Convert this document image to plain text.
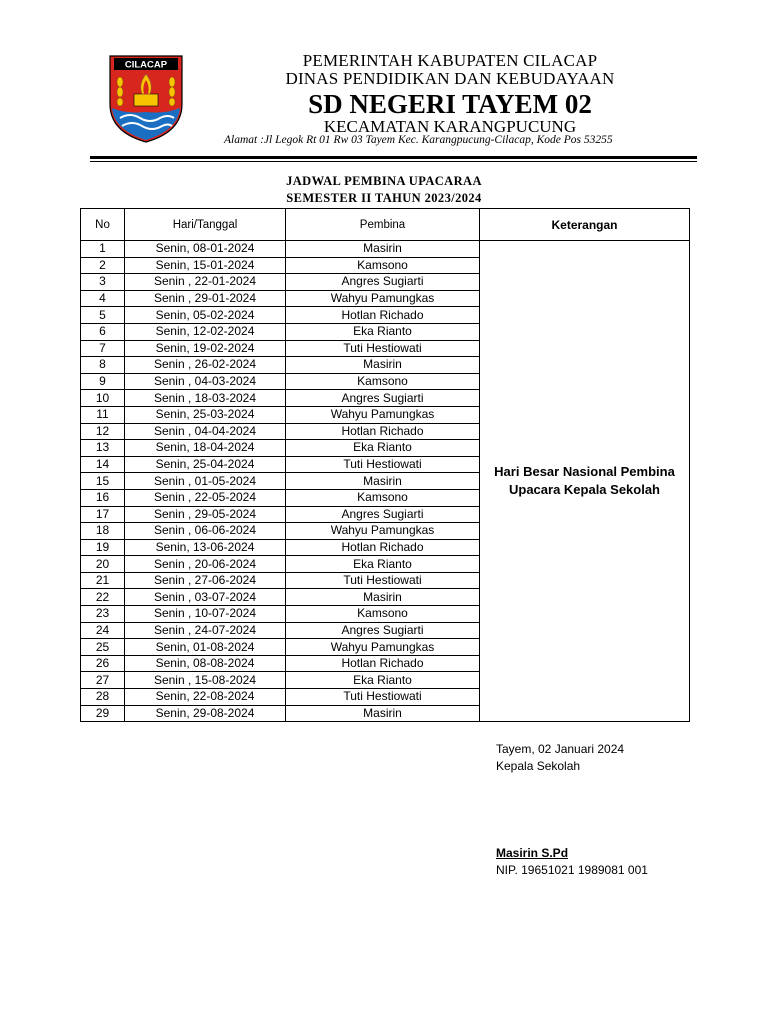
CILACAP	PEMERINTAH KABUPATEN CILACAP
DINAS PENDIDIKAN DAN KEBUDAYAAN
SD NEGERI TAYEM 02
KECAMATAN KARANGPUCUNG
Alamat :Jl Legok Rt 01 Rw 03 Tayem Kec. Karangpucung-Cilacap, Kode Pos 53255
JADWAL PEMBINA UPACARAA
SEMESTER II TAHUN 2023/2024
No	Hari/Tanggal	Pembina	Keterangan
1	Senin, 08-01-2024	Masirin	Hari Besar Nasional Pembina Upacara Kepala Sekolah
2	Senin, 15-01-2024	Kamsono	
3	Senin , 22-01-2024	Angres Sugiarti	
4	Senin , 29-01-2024	Wahyu Pamungkas	
5	Senin, 05-02-2024	Hotlan Richado	
6	Senin, 12-02-2024	Eka Rianto	
7	Senin, 19-02-2024	Tuti Hestiowati	
8	Senin , 26-02-2024	Masirin	
9	Senin , 04-03-2024	Kamsono	
10	Senin , 18-03-2024	Angres Sugiarti	
11	Senin, 25-03-2024	Wahyu Pamungkas	
12	Senin , 04-04-2024	Hotlan Richado	
13	Senin, 18-04-2024	Eka Rianto	
14	Senin, 25-04-2024	Tuti Hestiowati	
15	Senin , 01-05-2024	Masirin	
16	Senin , 22-05-2024	Kamsono	
17	Senin , 29-05-2024	Angres Sugiarti	
18	Senin , 06-06-2024	Wahyu Pamungkas	
19	Senin, 13-06-2024	Hotlan Richado	
20	Senin , 20-06-2024	Eka Rianto	
21	Senin , 27-06-2024	Tuti Hestiowati	
22	Senin , 03-07-2024	Masirin	
23	Senin , 10-07-2024	Kamsono	
24	Senin , 24-07-2024	Angres Sugiarti	
25	Senin, 01-08-2024	Wahyu Pamungkas	
26	Senin, 08-08-2024	Hotlan Richado	
27	Senin , 15-08-2024	Eka Rianto	
28	Senin, 22-08-2024	Tuti Hestiowati	
29	Senin, 29-08-2024	Masirin	
Tayem, 02 Januari 2024
Kepala Sekolah
Masirin S.Pd
NIP. 19651021 1989081 001
